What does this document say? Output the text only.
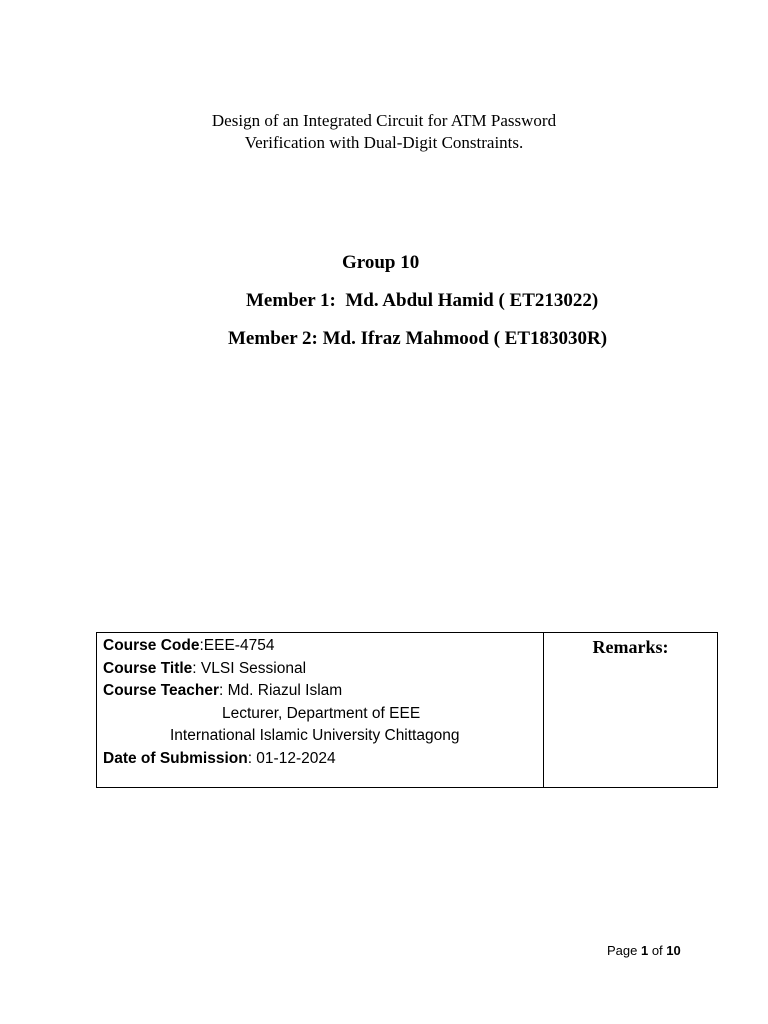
Design of an Integrated Circuit for ATM Password
Verification with Dual-Digit Constraints.
Group 10
Member 1:  Md. Abdul Hamid ( ET213022)
Member 2: Md. Ifraz Mahmood ( ET183030R)
Course Code:EEE-4754
Course Title: VLSI Sessional
Course Teacher: Md. Riazul Islam
Lecturer, Department of EEE
International Islamic University Chittagong
Date of Submission: 01-12-2024
Remarks:
Page 1 of 10
